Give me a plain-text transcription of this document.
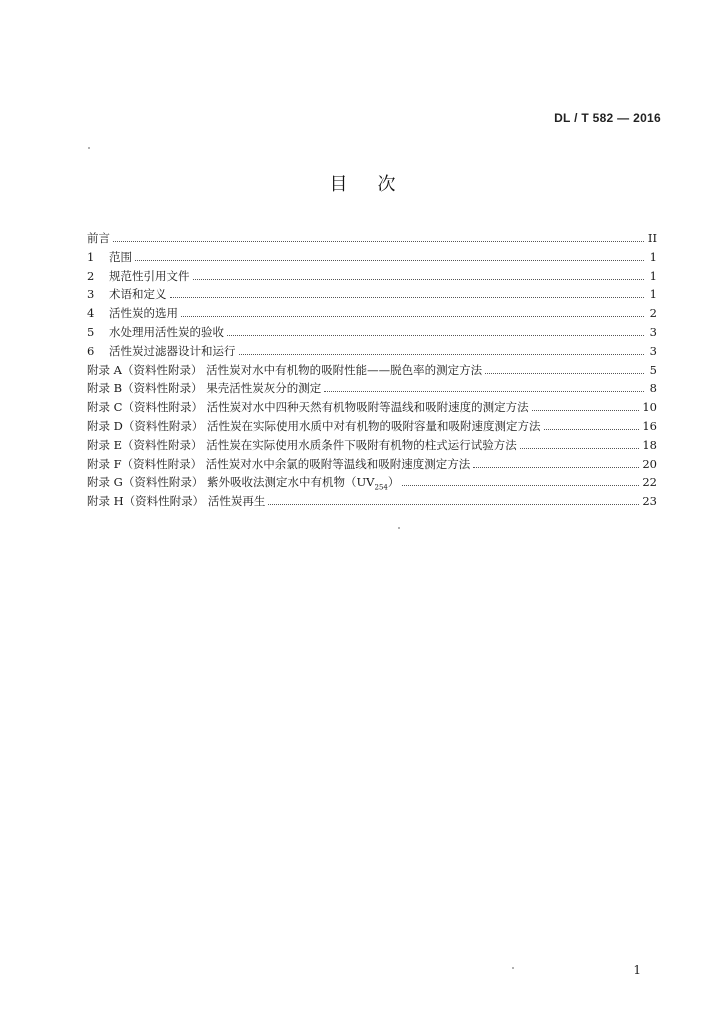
DL / T 582 — 2016
目次
前言	II
1 范围	1
2 规范性引用文件	1
3 术语和定义	1
4 活性炭的选用	2
5 水处理用活性炭的验收	3
6 活性炭过滤器设计和运行	3
附录 A（资料性附录） 活性炭对水中有机物的吸附性能——脱色率的测定方法	5
附录 B（资料性附录） 果壳活性炭灰分的测定	8
附录 C（资料性附录） 活性炭对水中四种天然有机物吸附等温线和吸附速度的测定方法	10
附录 D（资料性附录） 活性炭在实际使用水质中对有机物的吸附容量和吸附速度测定方法	16
附录 E（资料性附录） 活性炭在实际使用水质条件下吸附有机物的柱式运行试验方法	18
附录 F（资料性附录） 活性炭对水中余氯的吸附等温线和吸附速度测定方法	20
附录 G（资料性附录） 紫外吸收法测定水中有机物$(UV_{254})$	22
附录 H（资料性附录） 活性炭再生	23
1
